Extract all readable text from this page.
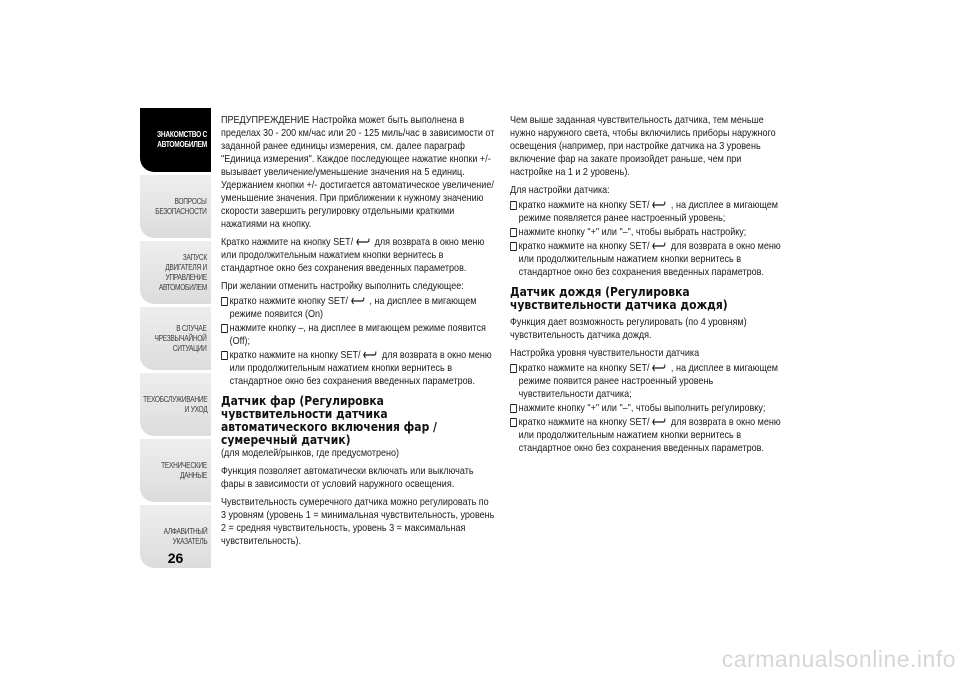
ЗНАКОМСТВО С
АВТОМОБИЛЕМ
ВОПРОСЫ
БЕЗОПАСНОСТИ
ЗАПУСК ДВИГАТЕЛЯ И
УПРАВЛЕНИЕ
АВТОМОБИЛЕМ
В СЛУЧАЕ
ЧРЕЗВЫЧАЙНОЙ
СИТУАЦИИ
ТЕХОБСЛУЖИВАНИЕ
И УХОД
ТЕХНИЧЕСКИЕ
ДАННЫЕ
АЛФАВИТНЫЙ
УКАЗАТЕЛЬ
26
ПРЕДУПРЕЖДЕНИЕ Настройка может быть выполнена в пределах 30 - 200 км/час или 20 - 125 миль/час в зависимости от заданной ранее единицы измерения, см. далее параграф "Единица измерения". Каждое последующее нажатие кнопки +/- вызывает увеличение/уменьшение значения на 5 единиц. Удержанием кнопки +/- достигается автоматическое увеличение/уменьшение значения. При приближении к нужному значению скорости завершить регулировку отдельными краткими нажатиями на кнопку.
Кратко нажмите на кнопку SET/ для возврата в окно меню или продолжительным нажатием кнопки вернитесь в стандартное окно без сохранения введенных параметров.
При желании отменить настройку выполнить следующее:
кратко нажмите кнопку SET/ , на дисплее в мигающем режиме появится (On)
нажмите кнопку –, на дисплее в мигающем режиме появится (Off);
кратко нажмите на кнопку SET/ для возврата в окно меню или продолжительным нажатием кнопки вернитесь в стандартное окно без сохранения введенных параметров.
Датчик фар (Регулировка чувствительности датчика автоматического включения фар / сумеречный датчик)
(для моделей/рынков, где предусмотрено)
Функция позволяет автоматически включать или выключать фары в зависимости от условий наружного освещения.
Чувствительность сумеречного датчика можно регулировать по 3 уровням (уровень 1 = минимальная чувствительность, уровень 2 = средняя чувствительность, уровень 3 = максимальная чувствительность).
Чем выше заданная чувствительность датчика, тем меньше нужно наружного света, чтобы включились приборы наружного освещения (например, при настройке датчика на 3 уровень включение фар на закате произойдет раньше, чем при настройке на 1 и 2 уровень).
Для настройки датчика:
кратко нажмите на кнопку SET/ , на дисплее в мигающем режиме появляется ранее настроенный уровень;
нажмите кнопку "+" или "–", чтобы выбрать настройку;
кратко нажмите на кнопку SET/ для возврата в окно меню или продолжительным нажатием кнопки вернитесь в стандартное окно без сохранения введенных параметров.
Датчик дождя (Регулировка чувствительности датчика дождя)
Функция дает возможность регулировать (по 4 уровням) чувствительность датчика дождя.
Настройка уровня чувствительности датчика
кратко нажмите на кнопку SET/ , на дисплее в мигающем режиме появится ранее настроенный уровень чувствительности датчика;
нажмите кнопку "+" или "–", чтобы выполнить регулировку;
кратко нажмите на кнопку SET/ для возврата в окно меню или продолжительным нажатием кнопки вернитесь в стандартное окно без сохранения введенных параметров.
carmanualsonline.info
